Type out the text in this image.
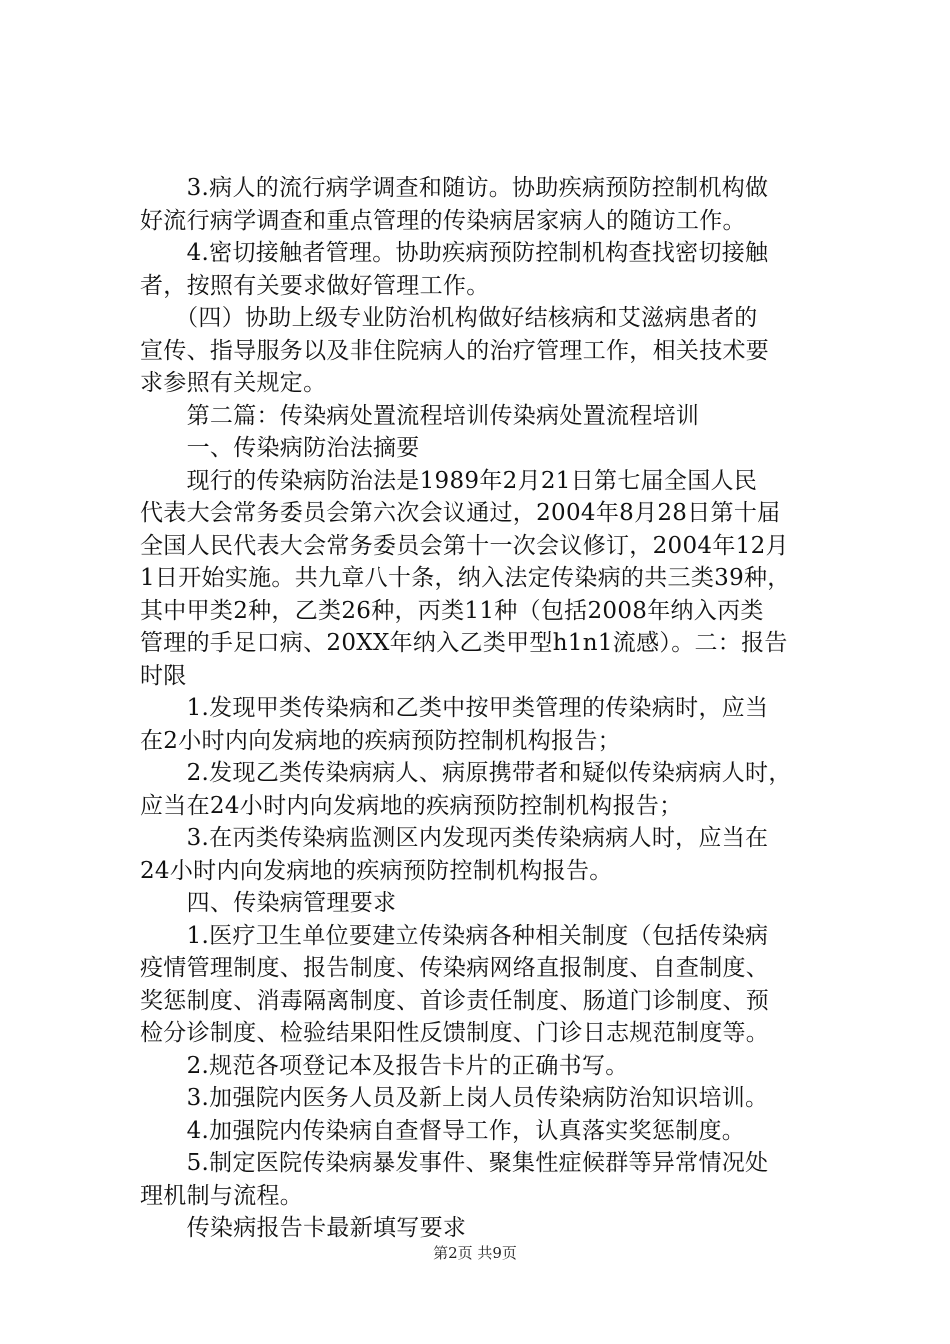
　　3.病人的流行病学调查和随访。协助疾病预防控制机构做
好流行病学调查和重点管理的传染病居家病人的随访工作。
　　4.密切接触者管理。协助疾病预防控制机构查找密切接触
者，按照有关要求做好管理工作。
　　（四）协助上级专业防治机构做好结核病和艾滋病患者的
宣传、指导服务以及非住院病人的治疗管理工作，相关技术要
求参照有关规定。
　　第二篇：传染病处置流程培训传染病处置流程培训
　　一、传染病防治法摘要
　　现行的传染病防治法是1989年2月21日第七届全国人民
代表大会常务委员会第六次会议通过，2004年8月28日第十届
全国人民代表大会常务委员会第十一次会议修订，2004年12月
1日开始实施。共九章八十条，纳入法定传染病的共三类39种，
其中甲类2种，乙类26种，丙类11种（包括2008年纳入丙类
管理的手足口病、20XX年纳入乙类甲型h1n1流感）。二：报告
时限
　　1.发现甲类传染病和乙类中按甲类管理的传染病时，应当
在2小时内向发病地的疾病预防控制机构报告；
　　2.发现乙类传染病病人、病原携带者和疑似传染病病人时，
应当在24小时内向发病地的疾病预防控制机构报告；
　　3.在丙类传染病监测区内发现丙类传染病病人时，应当在
24小时内向发病地的疾病预防控制机构报告。
　　四、传染病管理要求
　　1.医疗卫生单位要建立传染病各种相关制度（包括传染病
疫情管理制度、报告制度、传染病网络直报制度、自查制度、
奖惩制度、消毒隔离制度、首诊责任制度、肠道门诊制度、预
检分诊制度、检验结果阳性反馈制度、门诊日志规范制度等。
　　2.规范各项登记本及报告卡片的正确书写。
　　3.加强院内医务人员及新上岗人员传染病防治知识培训。
　　4.加强院内传染病自查督导工作，认真落实奖惩制度。
　　5.制定医院传染病暴发事件、聚集性症候群等异常情况处
理机制与流程。
　　传染病报告卡最新填写要求
第2页 共9页
